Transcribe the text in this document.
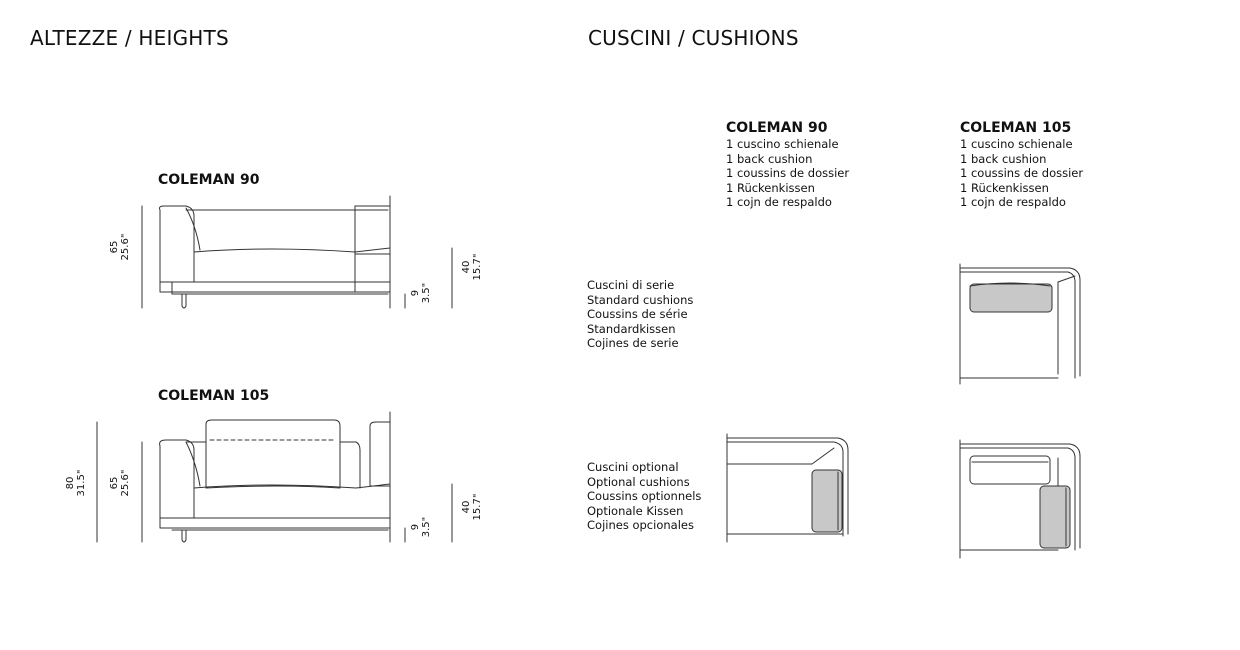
ALTEZZE / HEIGHTS	CUSCINI / CUSHIONS
COLEMAN 90
COLEMAN 105
65 25.6"
40 15.7"
9 3.5"
80 31.5" 65 25.6"
40 15.7"
9 3.5"
COLEMAN 90
1 cuscino schienale
1 back cushion
1 coussins de dossier
1 Rückenkissen
1 cojn de respaldo
COLEMAN 105
1 cuscino schienale
1 back cushion
1 coussins de dossier
1 Rückenkissen
1 cojn de respaldo
Cuscini di serie
Standard cushions
Coussins de série
Standardkissen
Cojines de serie
Cuscini optional
Optional cushions
Coussins optionnels
Optionale Kissen
Cojines opcionales
